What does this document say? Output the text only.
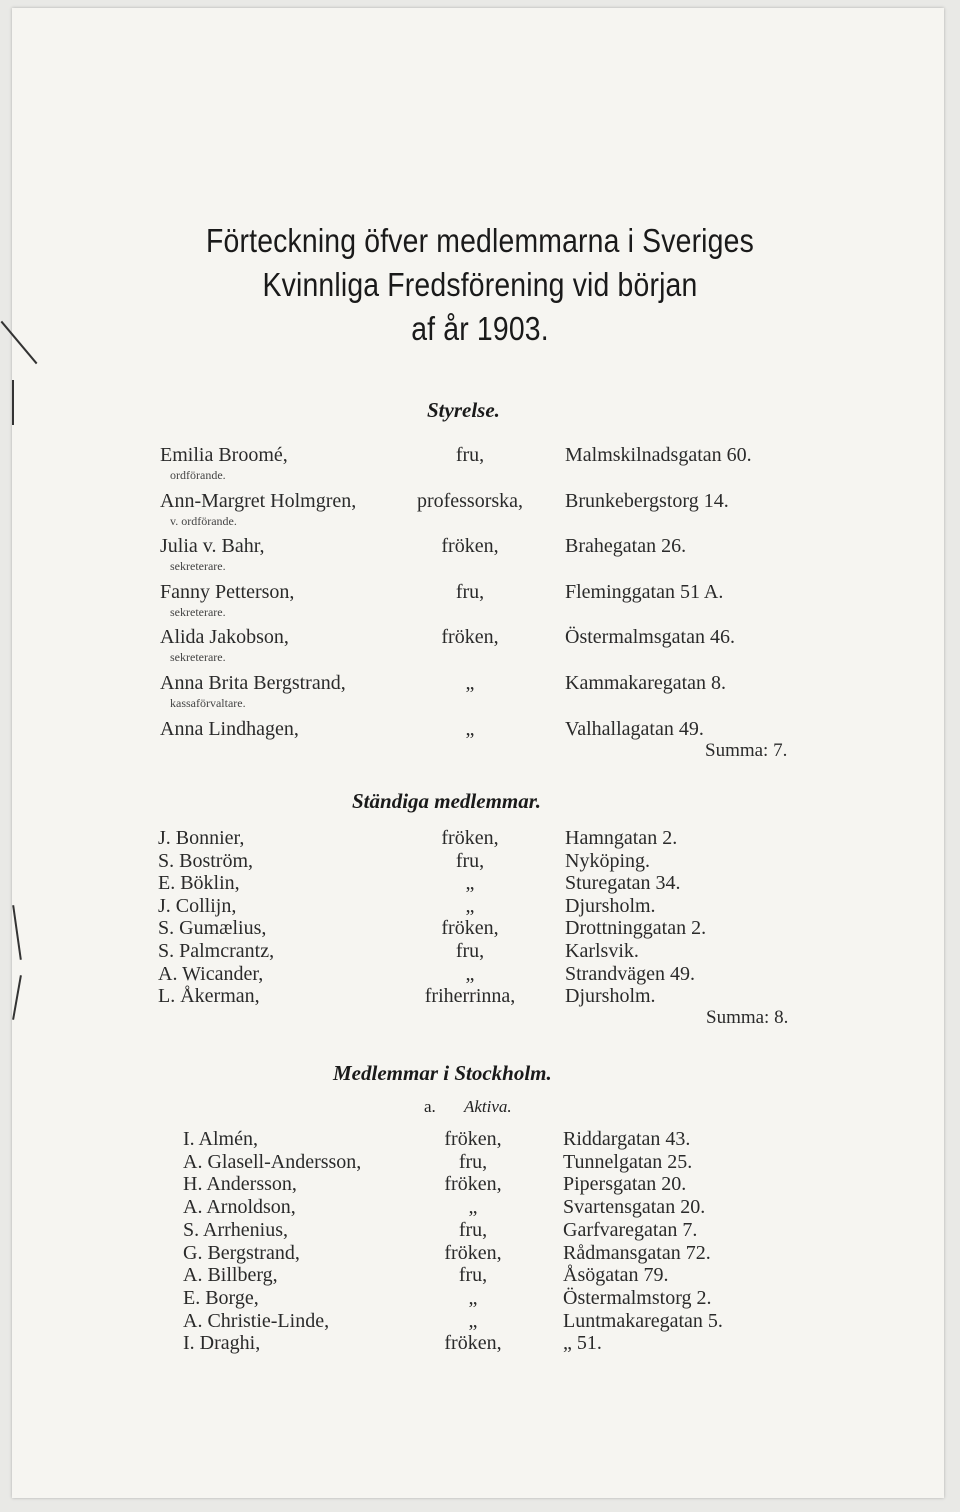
Förteckning öfver medlemmarna i Sveriges
Kvinnliga Fredsförening vid början
af år 1903.
Styrelse.
Emilia Broomé,	fru,	Malmskilnadsgatan 60.
ordförande.
Ann-Margret Holmgren,	professorska, Brunkebergstorg 14.
v. ordförande.
Julia v. Bahr,	fröken,	Brahegatan 26.
sekreterare.
Fanny Petterson,	fru,	Fleminggatan 51 A.
sekreterare.
Alida Jakobson,	fröken,	Östermalmsgatan 46.
sekreterare.
Anna Brita Bergstrand,	„	Kammakaregatan 8.
kassaförvaltare.
Anna Lindhagen,	„	Valhallagatan 49.
Summa: 7.
Ständiga medlemmar.
J. Bonnier,	fröken,	Hamngatan 2.
S. Boström,	fru,	Nyköping.
E. Böklin,	„	Sturegatan 34.
J. Collijn,	„	Djursholm.
S. Gumælius,	fröken,	Drottninggatan 2.
S. Palmcrantz,	fru,	Karlsvik.
A. Wicander,	„	Strandvägen 49.
L. Åkerman,	friherrinna, Djursholm.
Summa: 8.
Medlemmar i Stockholm.
a. Aktiva.
I. Almén,	fröken,	Riddargatan 43.
A. Glasell-Andersson,	fru,	Tunnelgatan 25.
H. Andersson,	fröken,	Pipersgatan 20.
A. Arnoldson,	„	Svartensgatan 20.
S. Arrhenius,	fru,	Garfvaregatan 7.
G. Bergstrand,	fröken,	Rådmansgatan 72.
A. Billberg,	fru,	Åsögatan 79.
E. Borge,	„	Östermalmstorg 2.
A. Christie-Linde,	„	Luntmakaregatan 5.
I. Draghi,	fröken,	„ 51.
